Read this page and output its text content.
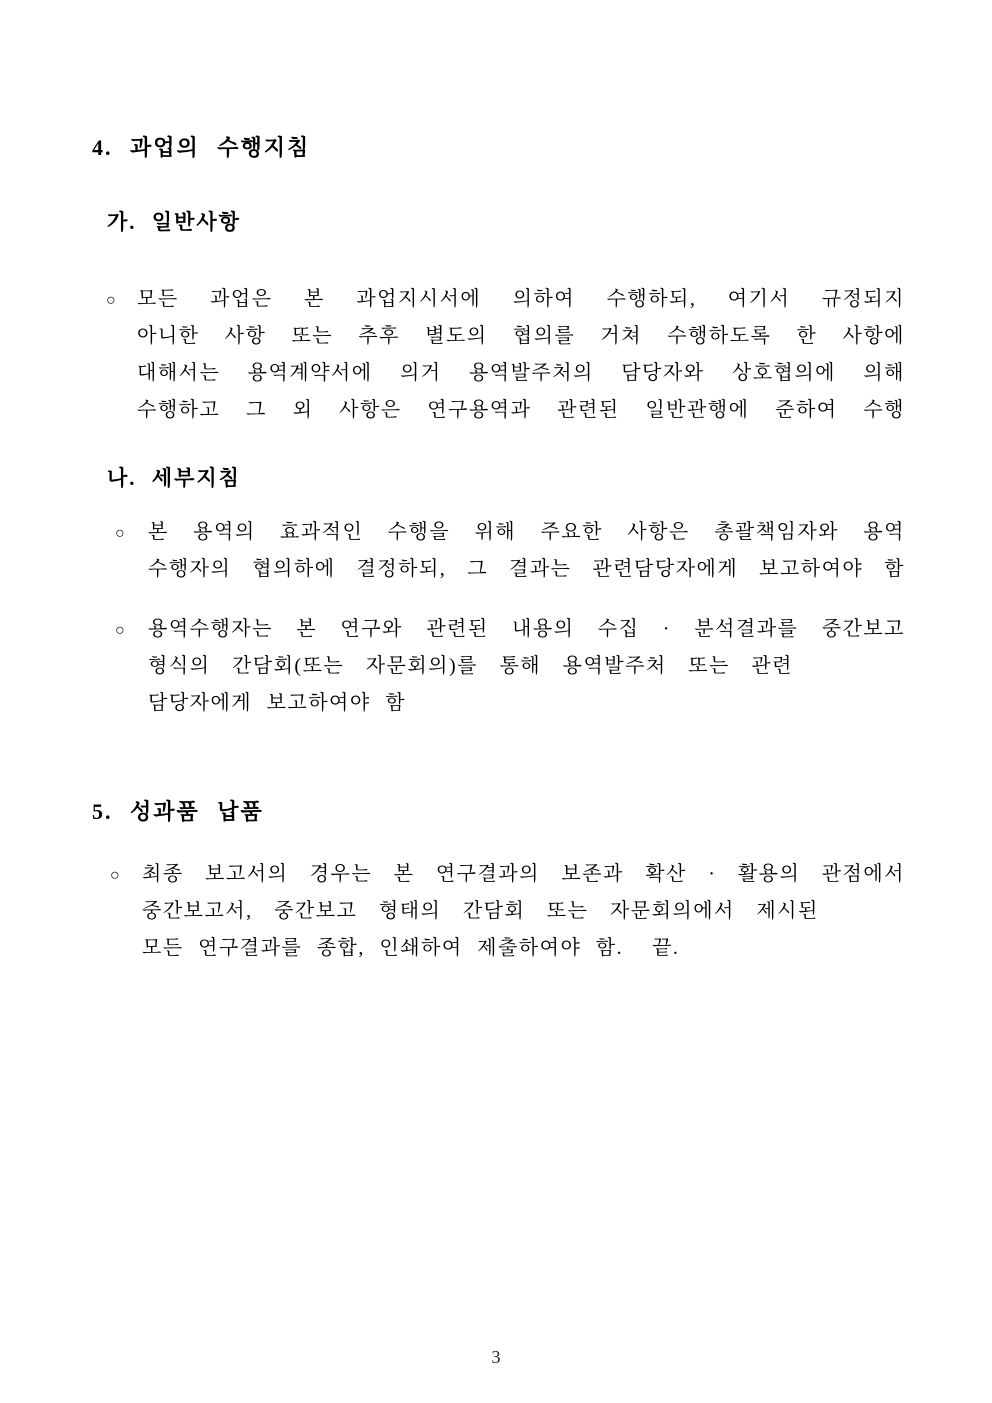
4. 과업의 수행지침
가. 일반사항
○	모든 과업은 본 과업지시서에 의하여 수행하되, 여기서 규정되지
아니한 사항 또는 추후 별도의 협의를 거쳐 수행하도록 한 사항에
대해서는 용역계약서에 의거 용역발주처의 담당자와 상호협의에 의해
수행하고 그 외 사항은 연구용역과 관련된 일반관행에 준하여 수행
나. 세부지침
○	본 용역의 효과적인 수행을 위해 주요한 사항은 총괄책임자와 용역
수행자의 협의하에 결정하되, 그 결과는 관련담당자에게 보고하여야 함
○	용역수행자는 본 연구와 관련된 내용의 수집 · 분석결과를 중간보고
형식의 간담회(또는 자문회의)를 통해 용역발주처 또는 관련
담당자에게 보고하여야 함
5. 성과품 납품
○	최종 보고서의 경우는 본 연구결과의 보존과 확산 · 활용의 관점에서
중간보고서, 중간보고 형태의 간담회 또는 자문회의에서 제시된
모든 연구결과를 종합, 인쇄하여 제출하여야 함.  끝.
3
